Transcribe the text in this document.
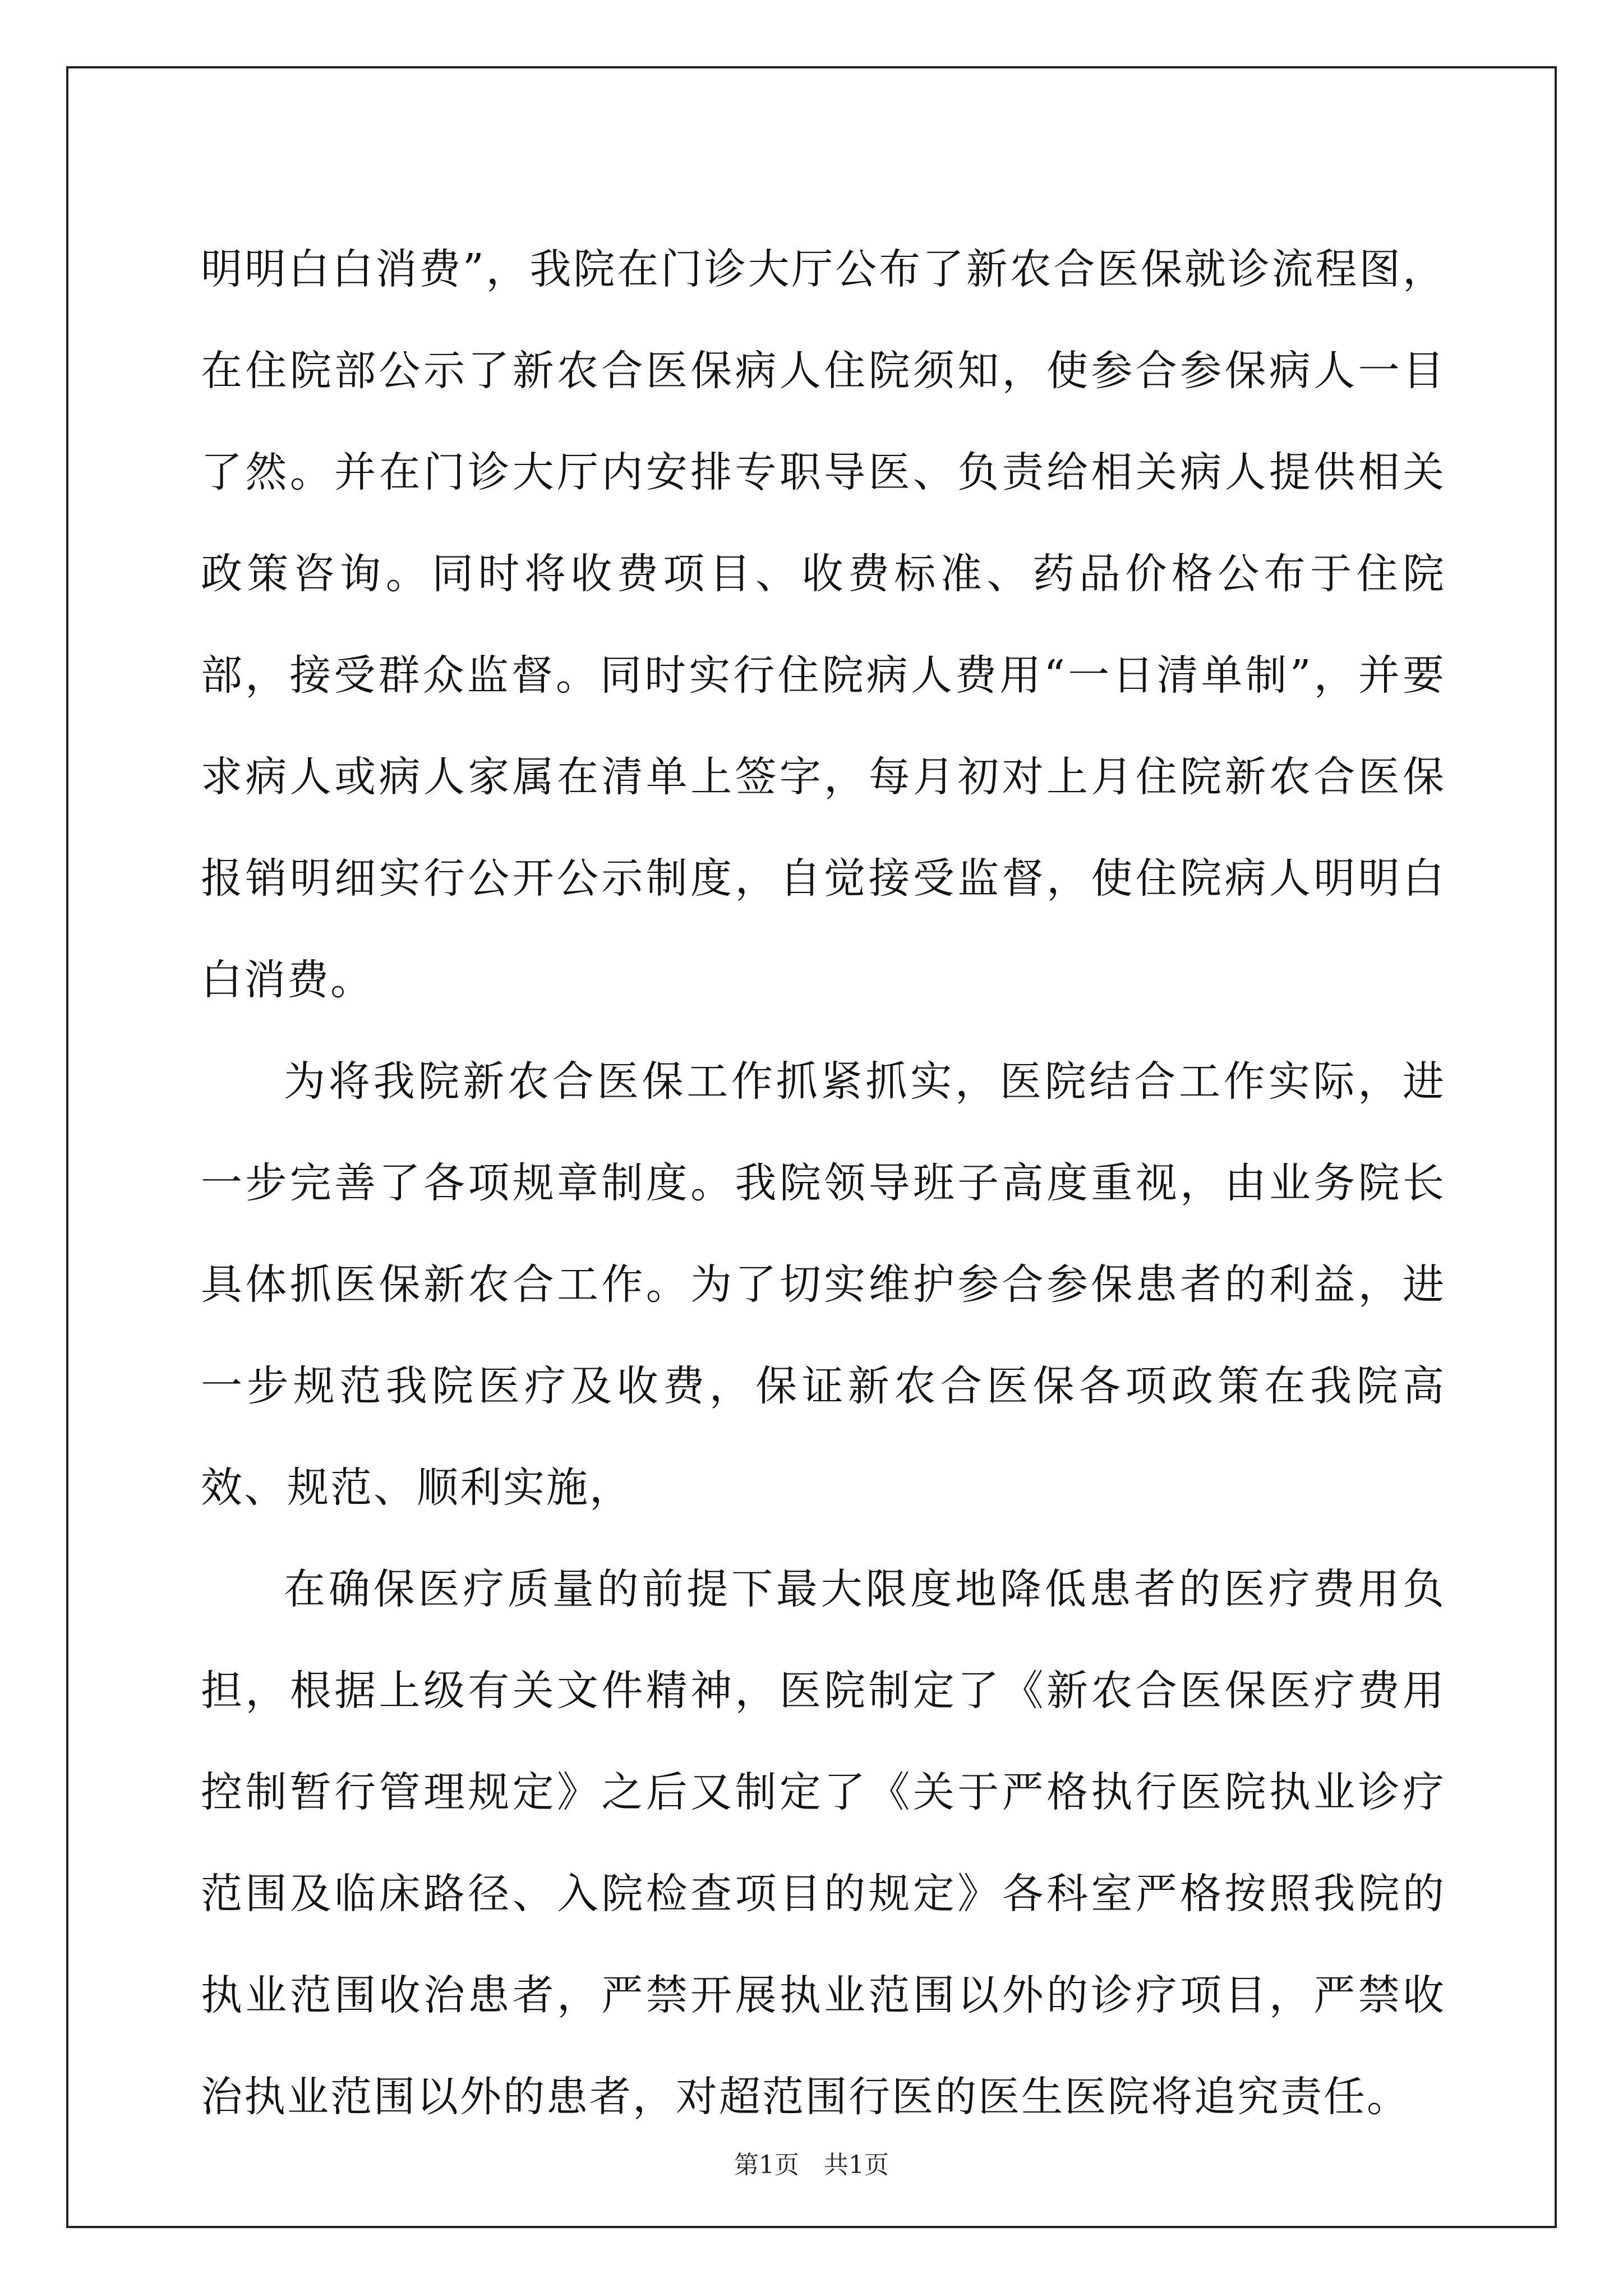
明明白白消费”，我院在门诊大厅公布了新农合医保就诊流程图，在住院部公示了新农合医保病人住院须知，使参合参保病人一目了然。并在门诊大厅内安排专职导医、负责给相关病人提供相关政策咨询。同时将收费项目、收费标准、药品价格公布于住院部，接受群众监督。同时实行住院病人费用“一日清单制”，并要求病人或病人家属在清单上签字，每月初对上月住院新农合医保报销明细实行公开公示制度，自觉接受监督，使住院病人明明白白消费。

为将我院新农合医保工作抓紧抓实，医院结合工作实际，进一步完善了各项规章制度。我院领导班子高度重视，由业务院长具体抓医保新农合工作。为了切实维护参合参保患者的利益，进一步规范我院医疗及收费，保证新农合医保各项政策在我院高效、规范、顺利实施，

在确保医疗质量的前提下最大限度地降低患者的医疗费用负担，根据上级有关文件精神，医院制定了《新农合医保医疗费用控制暂行管理规定》之后又制定了《关于严格执行医院执业诊疗范围及临床路径、入院检查项目的规定》各科室严格按照我院的执业范围收治患者，严禁开展执业范围以外的诊疗项目，严禁收治执业范围以外的患者，对超范围行医的医生医院将追究责任。

第1页　共1页
